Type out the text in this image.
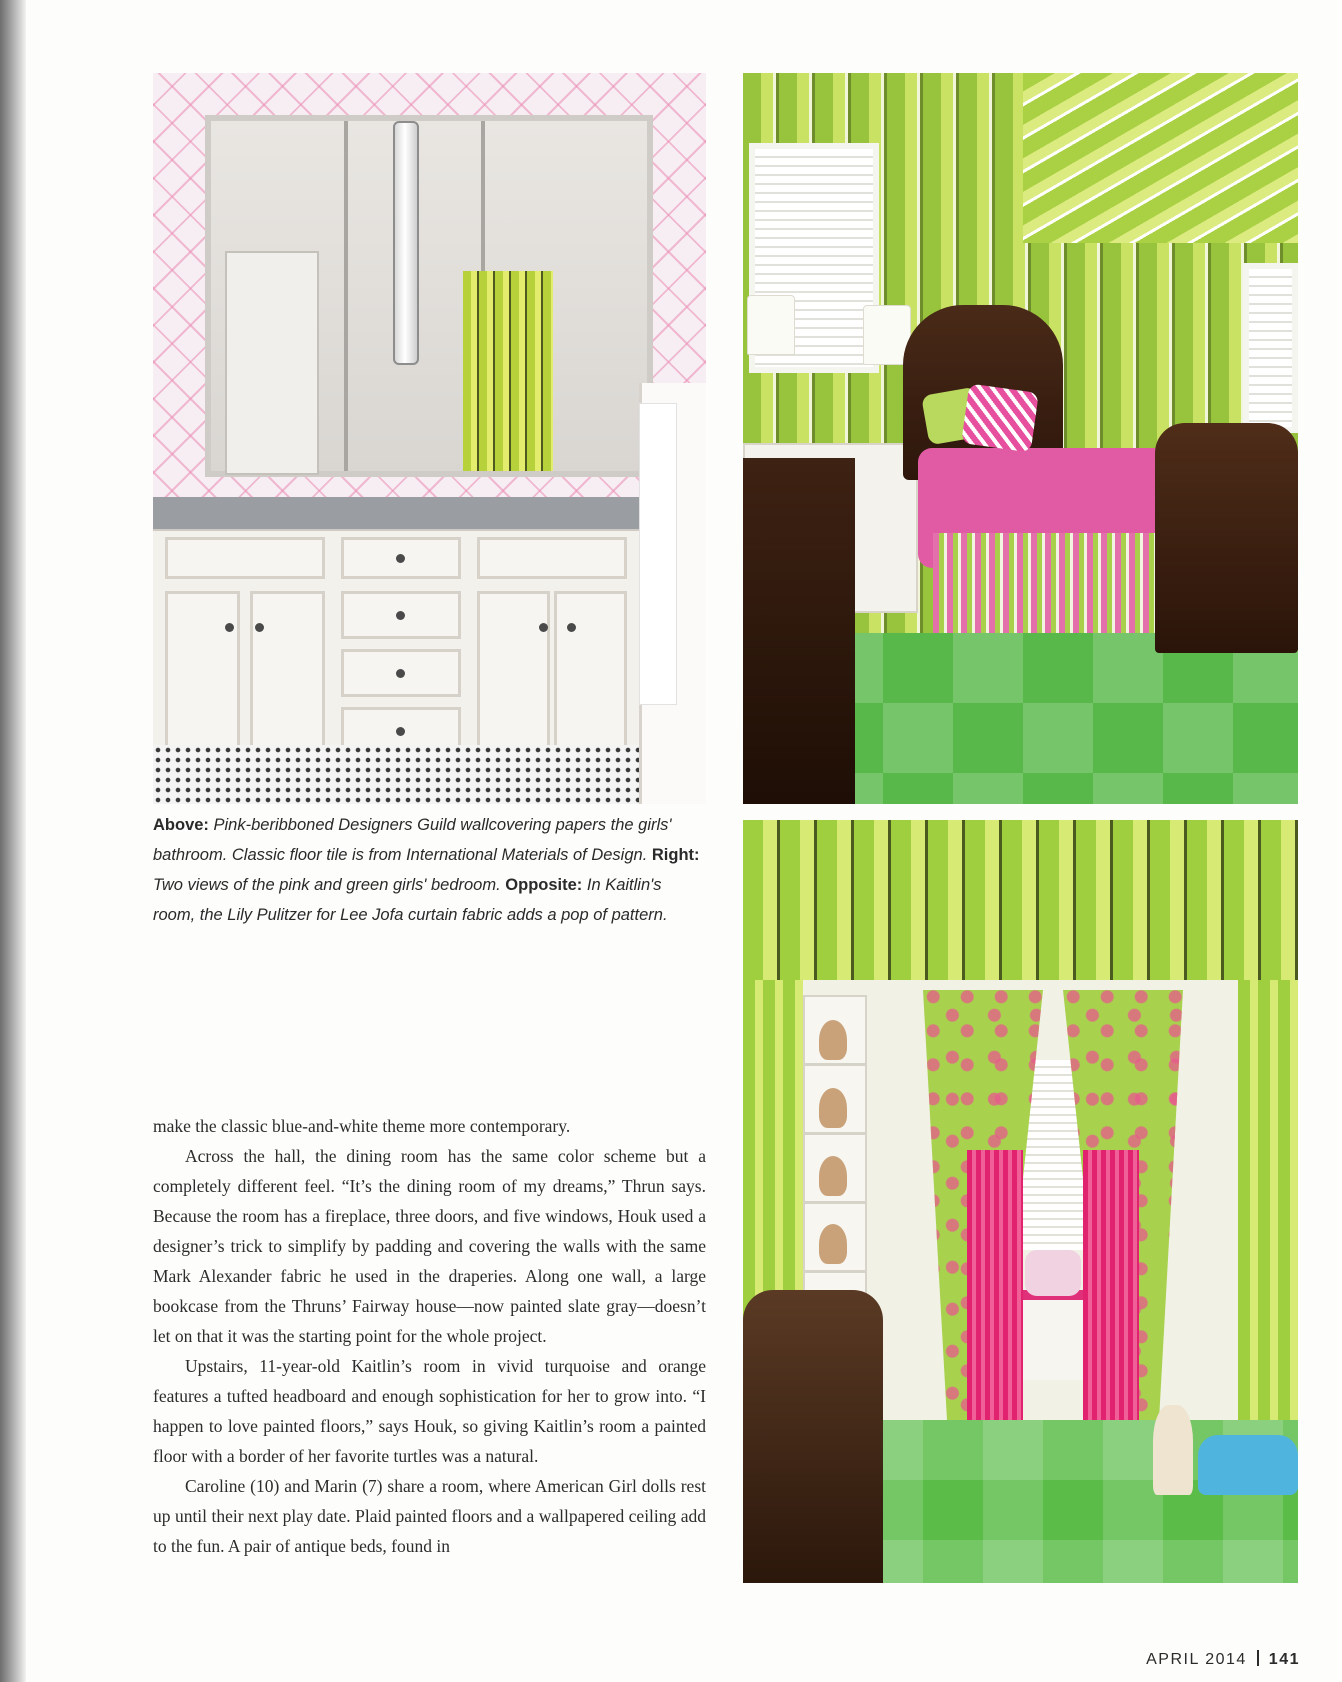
Above: Pink-beribboned Designers Guild wallcovering papers the girls' bathroom. Classic floor tile is from International Materials of Design. Right: Two views of the pink and green girls' bedroom. Opposite: In Kaitlin's room, the Lily Pulitzer for Lee Jofa curtain fabric adds a pop of pattern.

make the classic blue-and-white theme more contemporary.

Across the hall, the dining room has the same color scheme but a completely different feel. “It’s the dining room of my dreams,” Thrun says. Because the room has a fireplace, three doors, and five windows, Houk used a designer’s trick to simplify by padding and covering the walls with the same Mark Alexander fabric he used in the draperies. Along one wall, a large bookcase from the Thruns’ Fairway house—now painted slate gray—doesn’t let on that it was the starting point for the whole project.

Upstairs, 11-year-old Kaitlin’s room in vivid turquoise and orange features a tufted headboard and enough sophistication for her to grow into. “I happen to love painted floors,” says Houk, so giving Kaitlin’s room a painted floor with a border of her favorite turtles was a natural.

Caroline (10) and Marin (7) share a room, where American Girl dolls rest up until their next play date. Plaid painted floors and a wallpapered ceiling add to the fun. A pair of antique beds, found in

APRIL 2014 141
